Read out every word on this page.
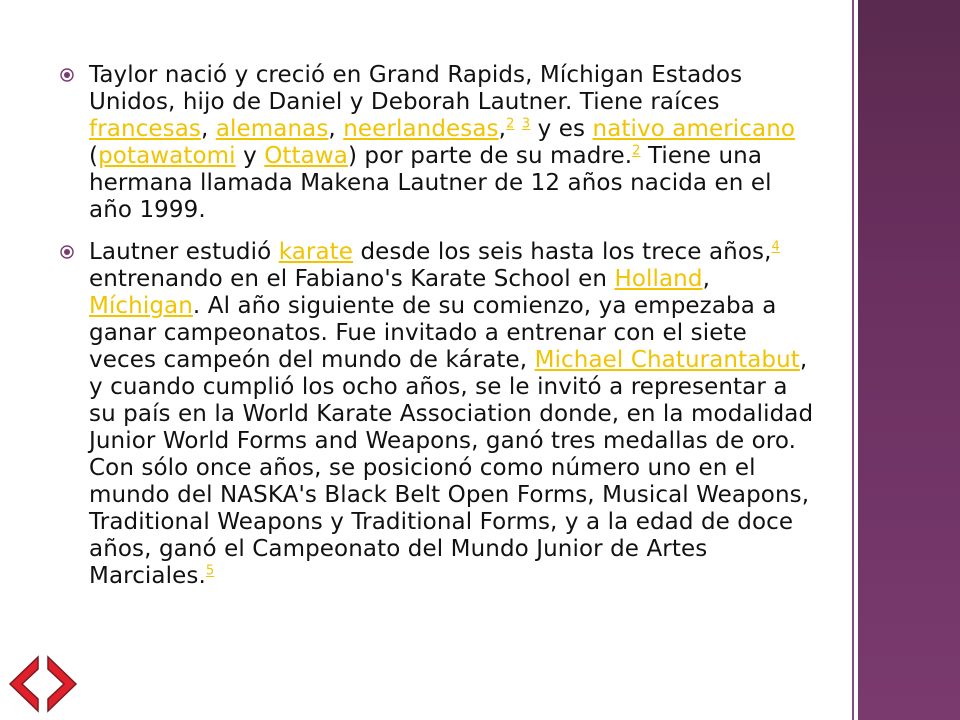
Taylor nació y creció en Grand Rapids, Míchigan Estados Unidos, hijo de Daniel y Deborah Lautner. Tiene raíces francesas, alemanas, neerlandesas,$^2$ $^3$ y es nativo americano (potawatomi y Ottawa) por parte de su madre.$^2$ Tiene una hermana llamada Makena Lautner de 12 años nacida en el año 1999.
Lautner estudió karate desde los seis hasta los trece años,$^4$ entrenando en el Fabiano's Karate School en Holland, Míchigan. Al año siguiente de su comienzo, ya empezaba a ganar campeonatos. Fue invitado a entrenar con el siete veces campeón del mundo de kárate, Michael Chaturantabut, y cuando cumplió los ocho años, se le invitó a representar a su país en la World Karate Association donde, en la modalidad Junior World Forms and Weapons, ganó tres medallas de oro. Con sólo once años, se posicionó como número uno en el mundo del NASKA's Black Belt Open Forms, Musical Weapons, Traditional Weapons y Traditional Forms, y a la edad de doce años, ganó el Campeonato del Mundo Junior de Artes Marciales.$^5$
